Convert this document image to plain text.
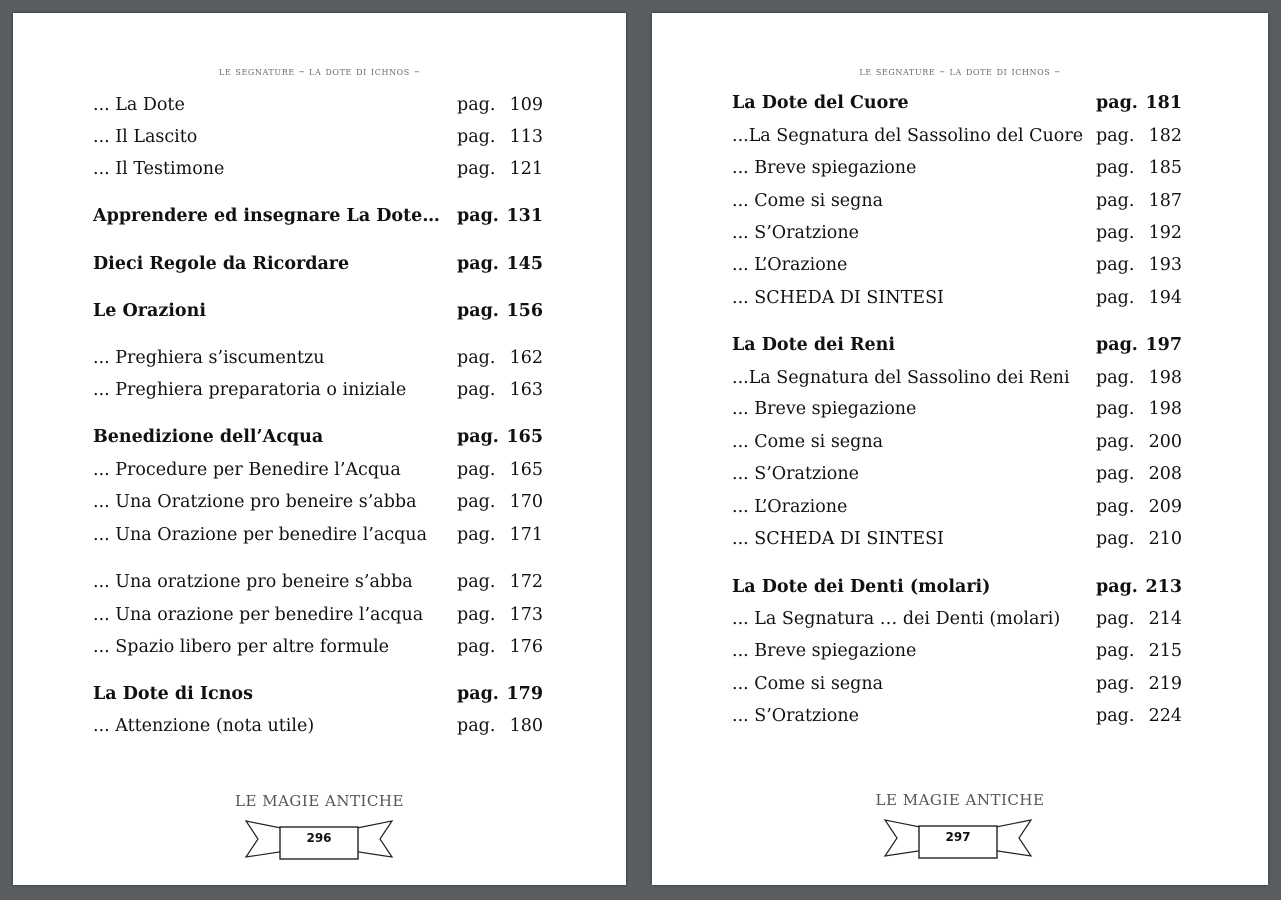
le segnature – la dote di ichnos –
... La Dote	pag. 109
... Il Lascito	pag. 113
... Il Testimone	pag. 121
Apprendere ed insegnare La Dote… pag. 131
Dieci Regole da Ricordare	pag. 145
Le Orazioni	pag. 156
... Preghiera s’iscumentzu	pag. 162
... Preghiera preparatoria o iniziale	pag. 163
Benedizione dell’Acqua	pag. 165
... Procedure per Benedire l’Acqua	pag. 165
... Una Oratzione pro beneire s’abba pag. 170
... Una Orazione per benedire l’acqua pag. 171
... Una oratzione pro beneire s’abba	pag. 172
... Una orazione per benedire l’acqua pag. 173
... Spazio libero per altre formule	pag. 176
La Dote di Icnos	pag. 179
... Attenzione (nota utile)	pag. 180
LE MAGIE ANTICHE
296
le segnature – la dote di ichnos –
La Dote del Cuore	pag. 181
...La Segnatura del Sassolino del Cuore pag. 182
... Breve spiegazione	pag. 185
... Come si segna	pag. 187
... S’Oratzione	pag. 192
... L’Orazione	pag. 193
... SCHEDA DI SINTESI	pag. 194
La Dote dei Reni	pag. 197
...La Segnatura del Sassolino dei Reni pag. 198
... Breve spiegazione	pag. 198
... Come si segna	pag. 200
... S’Oratzione	pag. 208
... L’Orazione	pag. 209
... SCHEDA DI SINTESI	pag. 210
La Dote dei Denti (molari)	pag. 213
... La Segnatura … dei Denti (molari) pag. 214
... Breve spiegazione	pag. 215
... Come si segna	pag. 219
... S’Oratzione	pag. 224
LE MAGIE ANTICHE
297
